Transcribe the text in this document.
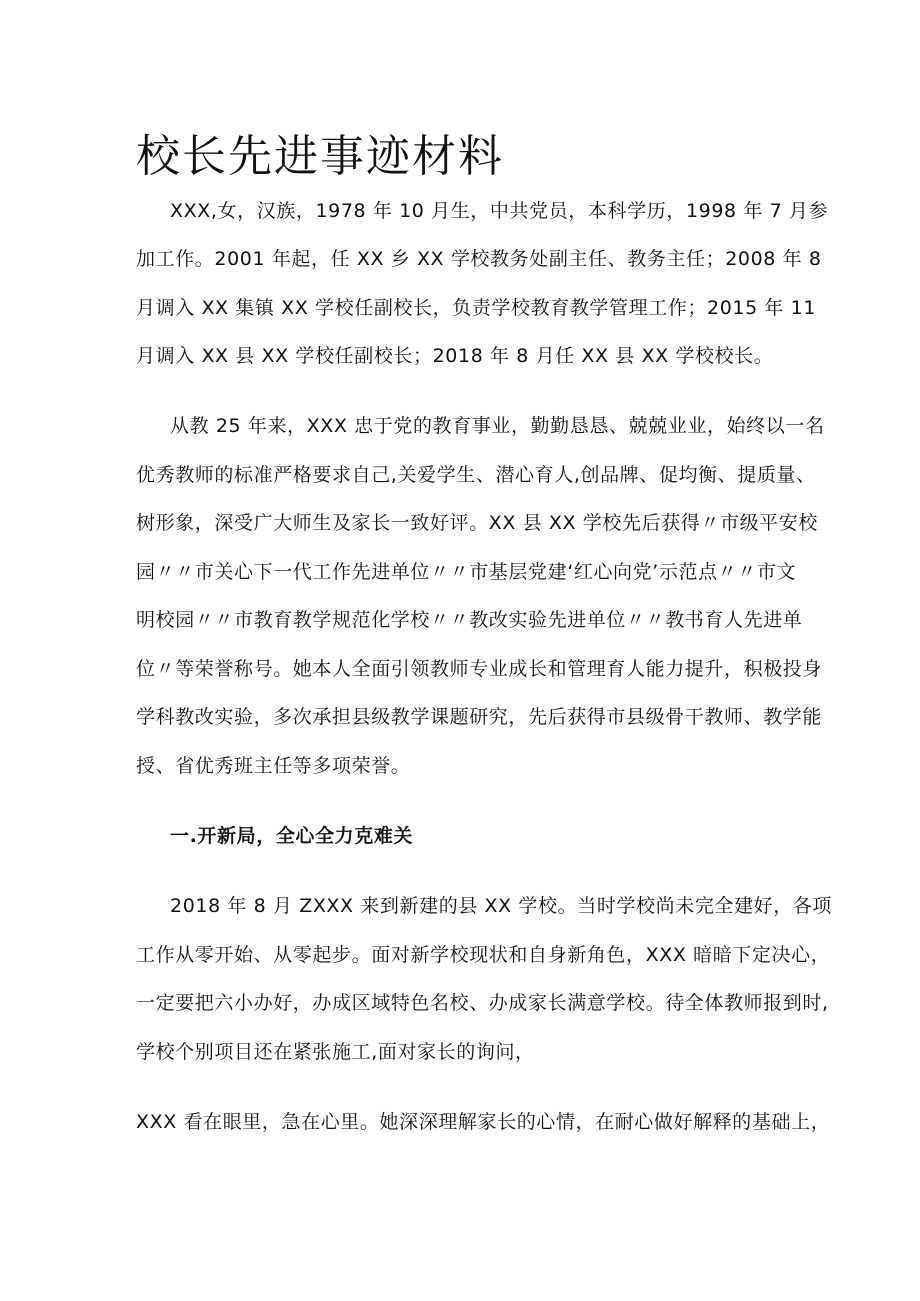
校长先进事迹材料
XXX,女，汉族，1978 年 10 月生，中共党员，本科学历，1998 年 7 月参
加工作。2001 年起，任 XX 乡 XX 学校教务处副主任、教务主任；2008 年 8
月调入 XX 集镇 XX 学校任副校长，负责学校教育教学管理工作；2015 年 11
月调入 XX 县 XX 学校任副校长；2018 年 8 月任 XX 县 XX 学校校长。
从教 25 年来，XXX 忠于党的教育事业，勤勤恳恳、兢兢业业，始终以一名
优秀教师的标准严格要求自己,关爱学生、潜心育人,创品牌、促均衡、提质量、
树形象，深受广大师生及家长一致好评。XX 县 XX 学校先后获得〃市级平安校
园〃〃市关心下一代工作先进单位〃〃市基层党建‘红心向党’示范点〃〃市文
明校园〃〃市教育教学规范化学校〃〃教改实验先进单位〃〃教书育人先进单
位〃等荣誉称号。她本人全面引领教师专业成长和管理育人能力提升，积极投身
学科教改实验，多次承担县级教学课题研究，先后获得市县级骨干教师、教学能
授、省优秀班主任等多项荣誉。
一.开新局，全心全力克难关
2018 年 8 月 ZXXX 来到新建的县 XX 学校。当时学校尚未完全建好，各项
工作从零开始、从零起步。面对新学校现状和自身新角色，XXX 暗暗下定决心，
一定要把六小办好，办成区域特色名校、办成家长满意学校。待全体教师报到时,
学校个别项目还在紧张施工,面对家长的询问，
XXX 看在眼里，急在心里。她深深理解家长的心情，在耐心做好解释的基础上，
